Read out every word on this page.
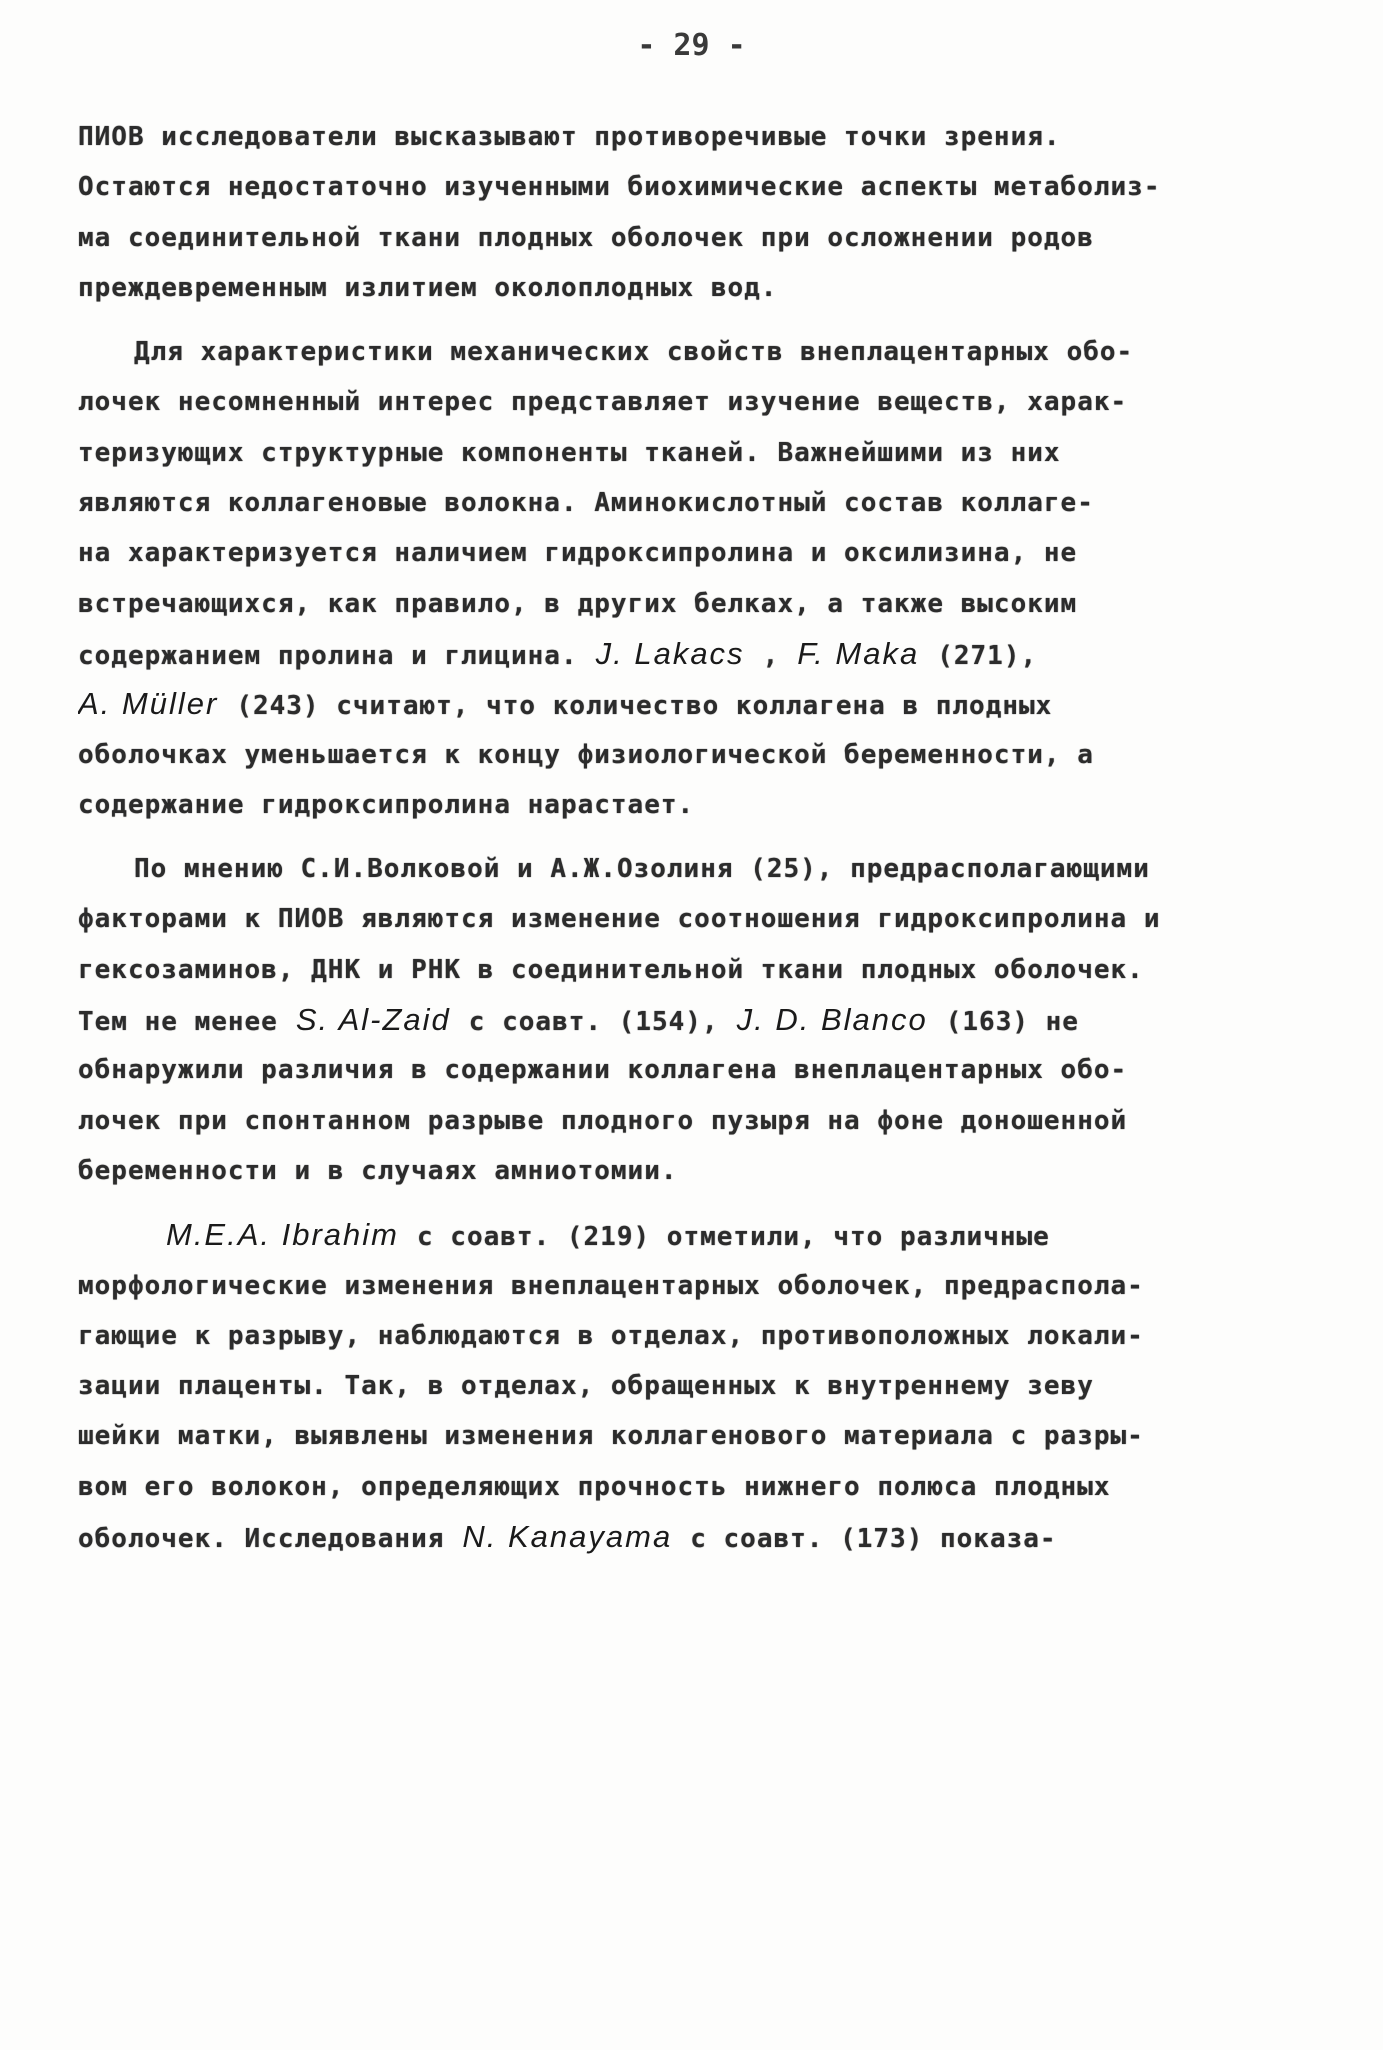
- 29 -
ПИОВ исследователи высказывают противоречивые точки зрения.
Остаются недостаточно изученными биохимические аспекты метаболиз-
ма соединительной ткани плодных оболочек при осложнении родов
преждевременным излитием околоплодных вод.
Для характеристики механических свойств внеплацентарных обо-
лочек несомненный интерес представляет изучение веществ, харак-
теризующих структурные компоненты тканей. Важнейшими из них
являются коллагеновые волокна. Аминокислотный состав коллаге-
на характеризуется наличием гидроксипролина и оксилизина, не
встречающихся, как правило, в других белках, а также высоким
содержанием пролина и глицина. J. Lakacs , F. Maka (271),
A. Müller (243) считают, что количество коллагена в плодных
оболочках уменьшается к концу физиологической беременности, а
содержание гидроксипролина нарастает.
По мнению С.И.Волковой и А.Ж.Озолиня (25), предрасполагающими
факторами к ПИОВ являются изменение соотношения гидроксипролина и
гексозаминов, ДНК и РНК в соединительной ткани плодных оболочек.
Тем не менее S. Al-Zaid с соавт. (154), J. D. Blanco (163) не
обнаружили различия в содержании коллагена внеплацентарных обо-
лочек при спонтанном разрыве плодного пузыря на фоне доношенной
беременности и в случаях амниотомии.
M.E.A. Ibrahim с соавт. (219) отметили, что различные
морфологические изменения внеплацентарных оболочек, предраспола-
гающие к разрыву, наблюдаются в отделах, противоположных локали-
зации плаценты. Так, в отделах, обращенных к внутреннему зеву
шейки матки, выявлены изменения коллагенового материала с разры-
вом его волокон, определяющих прочность нижнего полюса плодных
оболочек. Исследования N. Kanayama с соавт. (173) показа-
